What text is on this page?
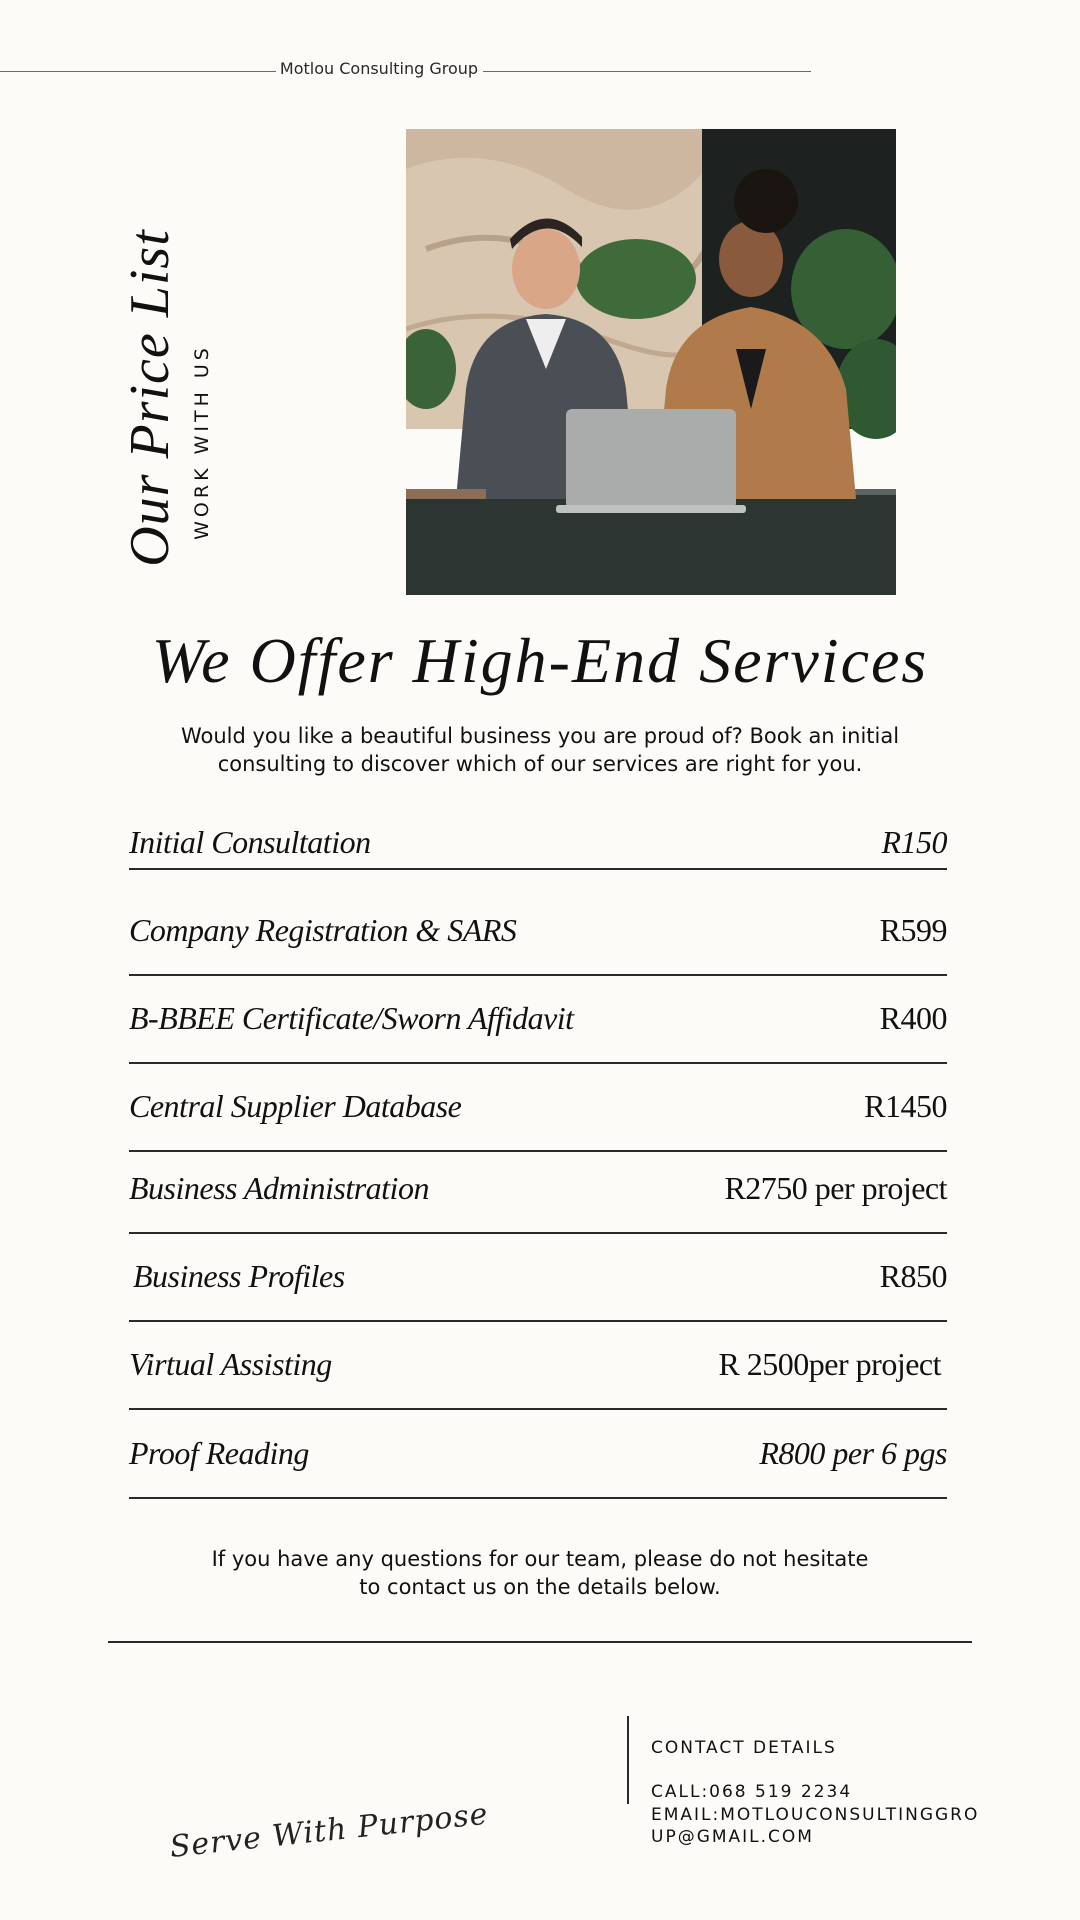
Motlou Consulting Group
Our Price List WORK WITH US
We Offer High-End Services
Would you like a beautiful business you are proud of? Book an initial
consulting to discover which of our services are right for you.
Initial Consultation	R150
Company Registration & SARS	R599
B-BBEE Certificate/Sworn Affidavit	R400
Central Supplier Database	R1450
Business Administration	R2750 per project
Business Profiles	R850
Virtual Assisting	R 2500per project
Proof Reading	R800 per 6 pgs
If you have any questions for our team, please do not hesitate
to contact us on the details below.
CONTACT DETAILS
CALL:068 519 2234
EMAIL:MOTLOUCONSULTINGGROUP@GMAIL.COM
Serve With Purpose
